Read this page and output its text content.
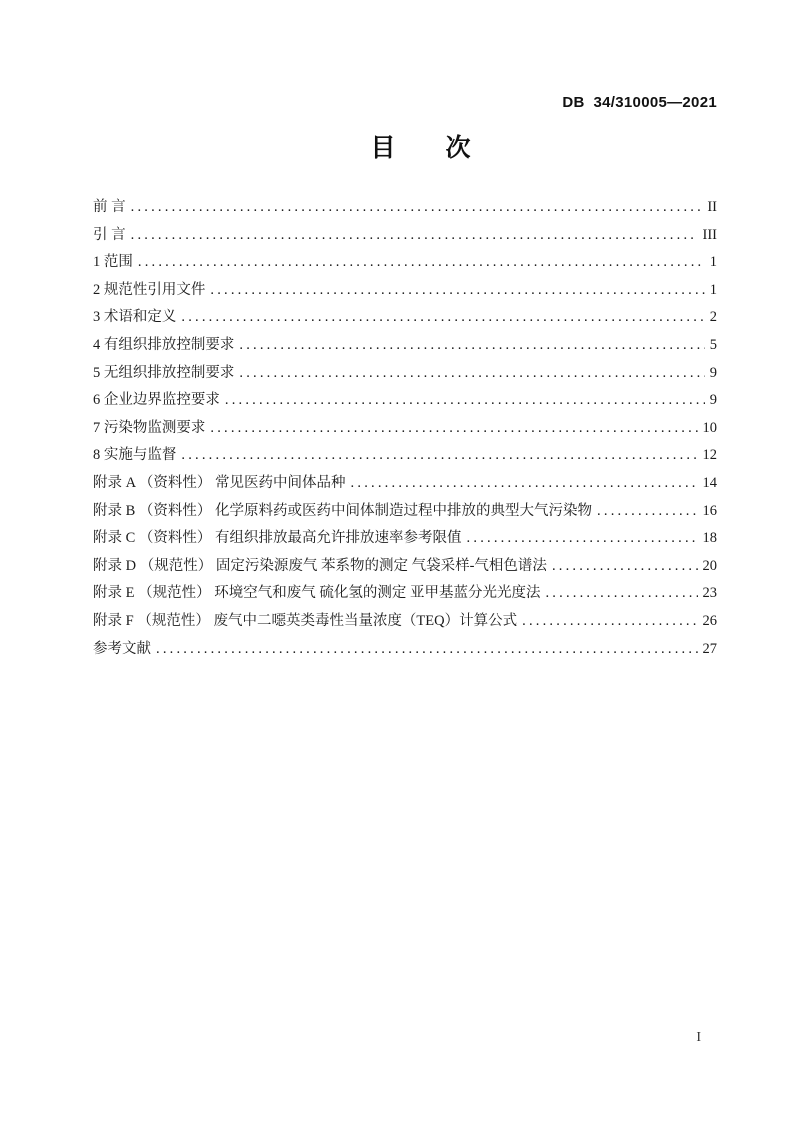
DB  34/310005—2021
目　　次
前 言 .....	II
引 言 .....	III
1 范围 .....	1
2 规范性引用文件 .....	1
3 术语和定义 .....	2
4 有组织排放控制要求 .....	5
5 无组织排放控制要求 .....	9
6 企业边界监控要求 .....	9
7 污染物监测要求 .....	10
8 实施与监督 .....	12
附录 A （资料性） 常见医药中间体品种 .....	14
附录 B （资料性） 化学原料药或医药中间体制造过程中排放的典型大气污染物 .....	16
附录 C （资料性） 有组织排放最高允许排放速率参考限值 .....	18
附录 D （规范性） 固定污染源废气 苯系物的测定 气袋采样-气相色谱法 .....	20
附录 E （规范性） 环境空气和废气 硫化氢的测定 亚甲基蓝分光光度法 .....	23
附录 F （规范性） 废气中二噁英类毒性当量浓度（TEQ）计算公式 .....	26
参考文献 .....	27
I
